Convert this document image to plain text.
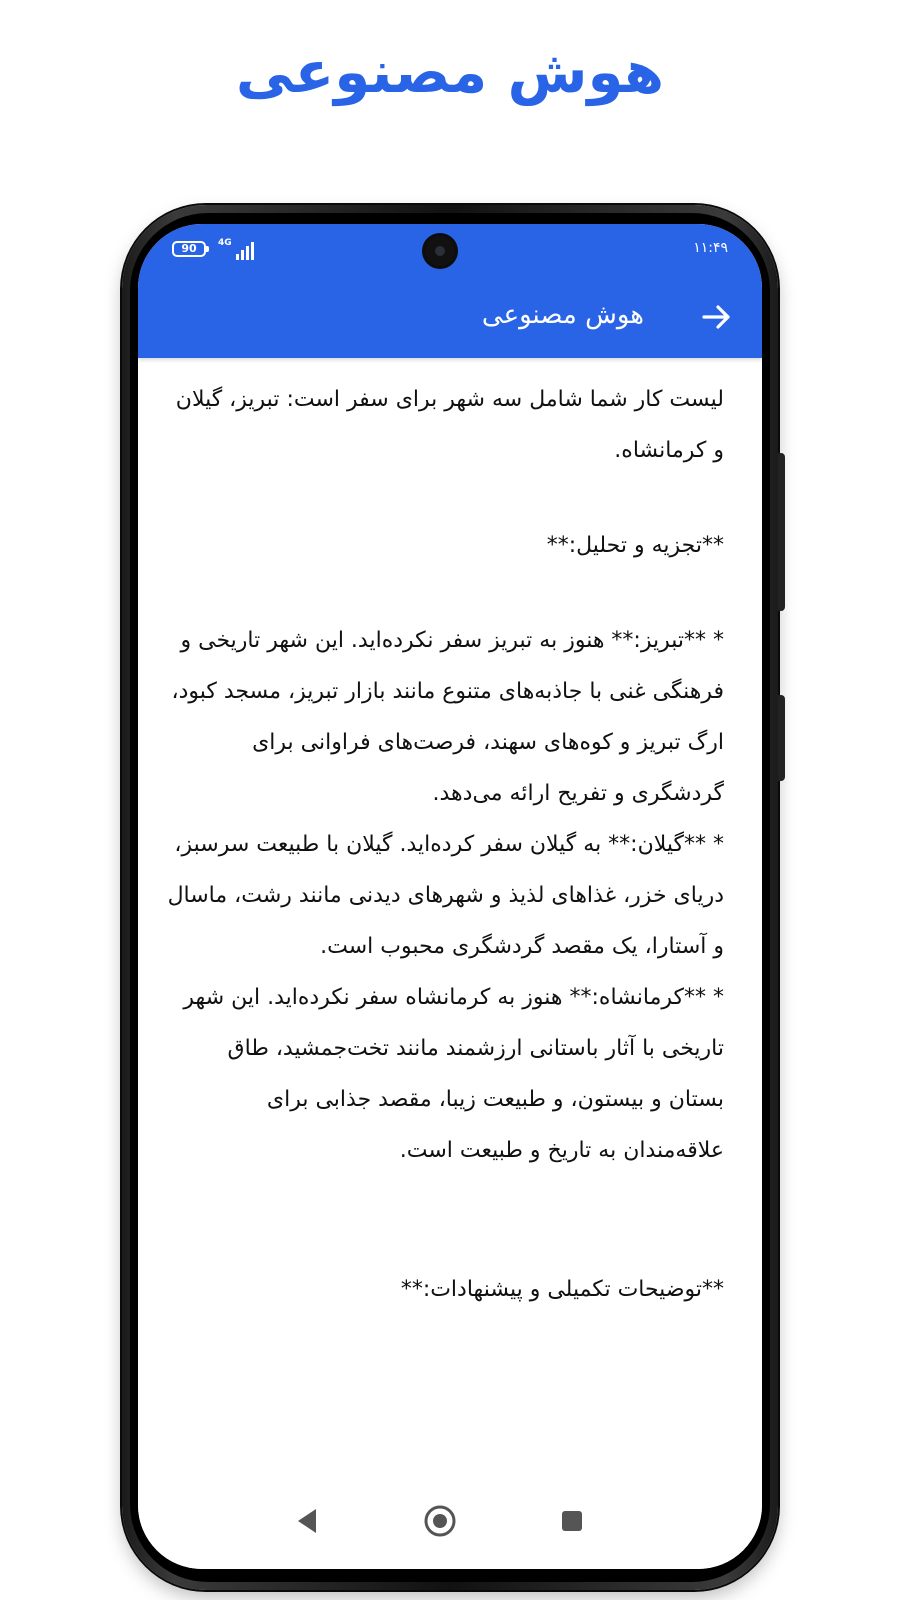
هوش مصنوعی
90	4G	۱۱:۴۹
هوش مصنوعی

لیست کار شما شامل سه شهر برای سفر است: تبریز، گیلان و کرمانشاه.

**تجزیه و تحلیل:**

* **تبریز:** هنوز به تبریز سفر نکرده‌اید. این شهر تاریخی و فرهنگی غنی با جاذبه‌های متنوع مانند بازار تبریز، مسجد کبود، ارگ تبریز و کوه‌های سهند، فرصت‌های فراوانی برای گردشگری و تفریح ارائه می‌دهد.

* **گیلان:** به گیلان سفر کرده‌اید. گیلان با طبیعت سرسبز، دریای خزر، غذاهای لذیذ و شهرهای دیدنی مانند رشت، ماسال و آستارا، یک مقصد گردشگری محبوب است.

* **کرمانشاه:** هنوز به کرمانشاه سفر نکرده‌اید. این شهر تاریخی با آثار باستانی ارزشمند مانند تخت‌جمشید، طاق بستان و بیستون، و طبیعت زیبا، مقصد جذابی برای علاقه‌مندان به تاریخ و طبیعت است.

**توضیحات تکمیلی و پیشنهادات:**
